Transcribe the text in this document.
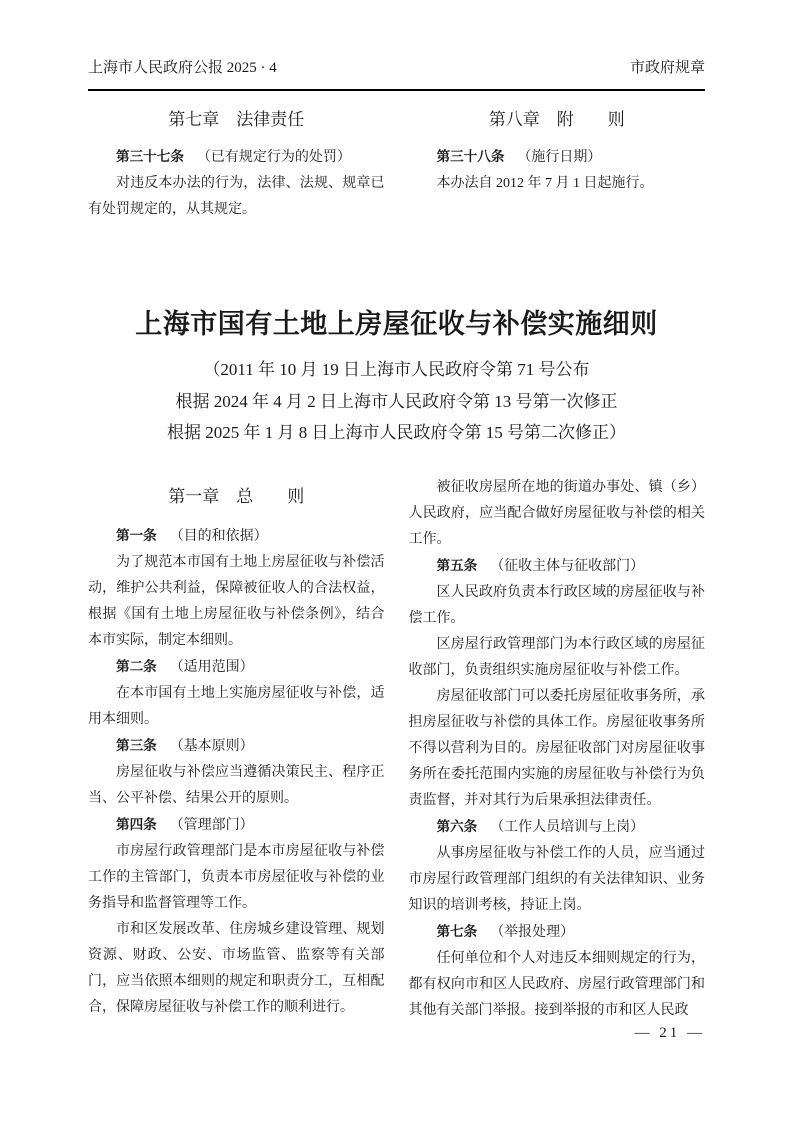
上海市人民政府公报 2025 · 4	市政府规章

第七章　法律责任

第三十七条 （已有规定行为的处罚）

对违反本办法的行为，法律、法规、规章已有处罚规定的，从其规定。

第八章　附　　则

第三十八条 （施行日期）

本办法自 2012 年 7 月 1 日起施行。

上海市国有土地上房屋征收与补偿实施细则

（2011 年 10 月 19 日上海市人民政府令第 71 号公布

根据 2024 年 4 月 2 日上海市人民政府令第 13 号第一次修正

根据 2025 年 1 月 8 日上海市人民政府令第 15 号第二次修正）

第一章　总　　则

第一条 （目的和依据）

为了规范本市国有土地上房屋征收与补偿活动，维护公共利益，保障被征收人的合法权益，根据《国有土地上房屋征收与补偿条例》，结合本市实际，制定本细则。

第二条 （适用范围）

在本市国有土地上实施房屋征收与补偿，适用本细则。

第三条 （基本原则）

房屋征收与补偿应当遵循决策民主、程序正当、公平补偿、结果公开的原则。

第四条 （管理部门）

市房屋行政管理部门是本市房屋征收与补偿工作的主管部门，负责本市房屋征收与补偿的业务指导和监督管理等工作。

市和区发展改革、住房城乡建设管理、规划资源、财政、公安、市场监管、监察等有关部门，应当依照本细则的规定和职责分工，互相配合，保障房屋征收与补偿工作的顺利进行。

被征收房屋所在地的街道办事处、镇（乡）人民政府，应当配合做好房屋征收与补偿的相关工作。

第五条 （征收主体与征收部门）

区人民政府负责本行政区域的房屋征收与补偿工作。

区房屋行政管理部门为本行政区域的房屋征收部门，负责组织实施房屋征收与补偿工作。

房屋征收部门可以委托房屋征收事务所，承担房屋征收与补偿的具体工作。房屋征收事务所不得以营利为目的。房屋征收部门对房屋征收事务所在委托范围内实施的房屋征收与补偿行为负责监督，并对其行为后果承担法律责任。

第六条 （工作人员培训与上岗）

从事房屋征收与补偿工作的人员，应当通过市房屋行政管理部门组织的有关法律知识、业务知识的培训考核，持证上岗。

第七条 （举报处理）

任何单位和个人对违反本细则规定的行为，都有权向市和区人民政府、房屋行政管理部门和其他有关部门举报。接到举报的市和区人民政

— 21 —
